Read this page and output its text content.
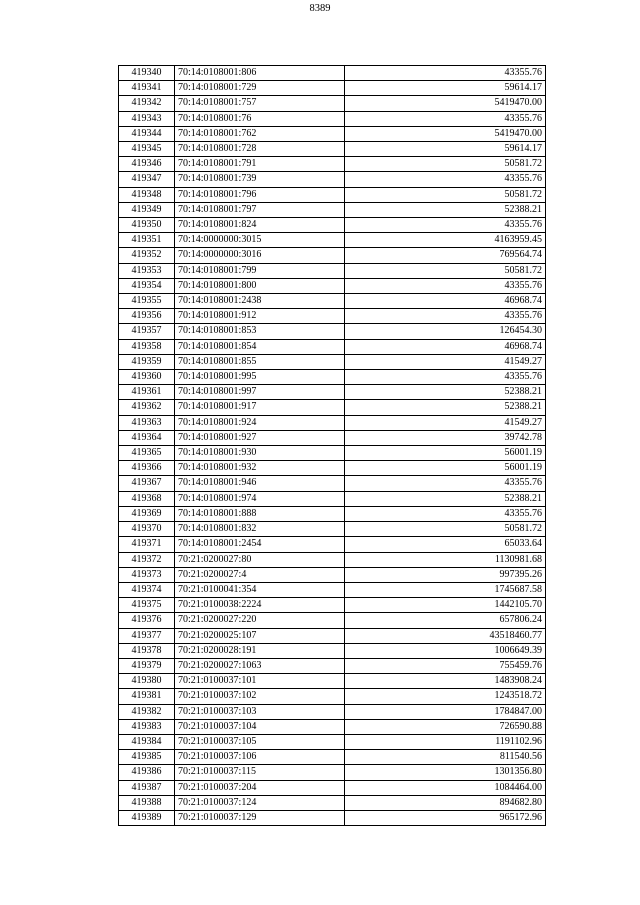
8389
419340	70:14:0108001:806	43355.76
419341	70:14:0108001:729	59614.17
419342	70:14:0108001:757	5419470.00
419343	70:14:0108001:76	43355.76
419344	70:14:0108001:762	5419470.00
419345	70:14:0108001:728	59614.17
419346	70:14:0108001:791	50581.72
419347	70:14:0108001:739	43355.76
419348	70:14:0108001:796	50581.72
419349	70:14:0108001:797	52388.21
419350	70:14:0108001:824	43355.76
419351	70:14:0000000:3015	4163959.45
419352	70:14:0000000:3016	769564.74
419353	70:14:0108001:799	50581.72
419354	70:14:0108001:800	43355.76
419355	70:14:0108001:2438	46968.74
419356	70:14:0108001:912	43355.76
419357	70:14:0108001:853	126454.30
419358	70:14:0108001:854	46968.74
419359	70:14:0108001:855	41549.27
419360	70:14:0108001:995	43355.76
419361	70:14:0108001:997	52388.21
419362	70:14:0108001:917	52388.21
419363	70:14:0108001:924	41549.27
419364	70:14:0108001:927	39742.78
419365	70:14:0108001:930	56001.19
419366	70:14:0108001:932	56001.19
419367	70:14:0108001:946	43355.76
419368	70:14:0108001:974	52388.21
419369	70:14:0108001:888	43355.76
419370	70:14:0108001:832	50581.72
419371	70:14:0108001:2454	65033.64
419372	70:21:0200027:80	1130981.68
419373	70:21:0200027:4	997395.26
419374	70:21:0100041:354	1745687.58
419375	70:21:0100038:2224	1442105.70
419376	70:21:0200027:220	657806.24
419377	70:21:0200025:107	43518460.77
419378	70:21:0200028:191	1006649.39
419379	70:21:0200027:1063	755459.76
419380	70:21:0100037:101	1483908.24
419381	70:21:0100037:102	1243518.72
419382	70:21:0100037:103	1784847.00
419383	70:21:0100037:104	726590.88
419384	70:21:0100037:105	1191102.96
419385	70:21:0100037:106	811540.56
419386	70:21:0100037:115	1301356.80
419387	70:21:0100037:204	1084464.00
419388	70:21:0100037:124	894682.80
419389	70:21:0100037:129	965172.96
